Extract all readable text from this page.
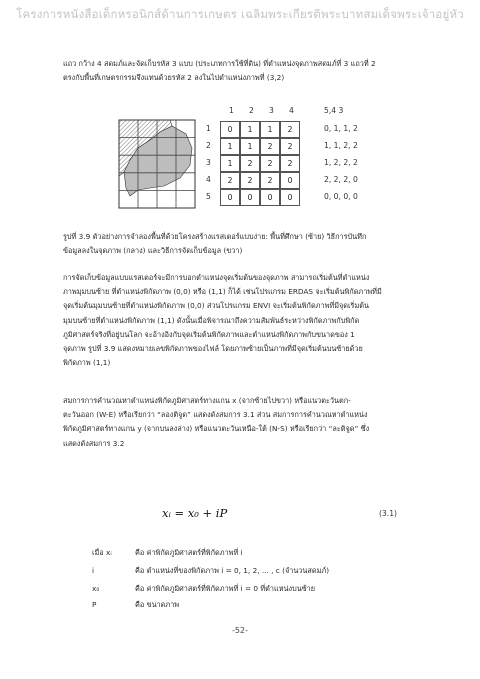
โครงการหนังสือเด็กหรอนิกส์ด้านการเกษตร เฉลิมพระเกียรติพระบาทสมเด็จพระเจ้าอยู่หัว
แถว กว้าง 4 สดมภ์และจัดเก็บรหัส 3 แบบ (ประเภทการใช้ที่ดิน) ที่ตำแหน่งจุดภาพสดมภ์ที่ 3 แถวที่ 2
ตรงกับพื้นที่เกษตรกรรมจึงแทนด้วยรหัส 2 ลงในไปตำแหน่งภาพที่ (3,2)
1 2 3 4
1
2
3
4
5
0	1	1	2
1	1	2	2
1	2	2	2
2	2	2	0
0	0	0	0
5,4 3
0, 1, 1, 2
1, 1, 2, 2
1, 2, 2, 2
2, 2, 2, 0
0, 0, 0, 0
รูปที่ 3.9 ตัวอย่างการจำลองพื้นที่ด้วยโครงสร้างแรสเตอร์แบบง่าย: พื้นที่ศึกษา (ซ้าย) วิธีการบันทึก
ข้อมูลลงในจุดภาพ (กลาง) และวิธีการจัดเก็บข้อมูล (ขวา)
การจัดเก็บข้อมูลแบบแรสเตอร์จะมีการบอกตำแหน่งจุดเริ่มต้นของจุดภาพ สามารถเริ่มต้นที่ตำแหน่ง
ภาพมุมบนซ้าย ที่ตำแหน่งพิกัดภาพ (0,0) หรือ (1,1) ก็ได้ เช่นโปรแกรม ERDAS จะเริ่มต้นพิกัดภาพที่มี
จุดเริ่มต้นมุมบนซ้ายที่ตำแหน่งพิกัดภาพ (0,0) ส่วนโปรแกรม ENVI จะเริ่มต้นพิกัดภาพที่มีจุดเริ่มต้น
มุมบนซ้ายที่ตำแหน่งพิกัดภาพ (1,1) ดังนั้นเมื่อพิจารณาถึงความสัมพันธ์ระหว่างพิกัดภาพกับพิกัด
ภูมิศาสตร์จริงที่อยู่บนโลก จะอ้างอิงกับจุดเริ่มต้นพิกัดภาพและตำแหน่งพิกัดภาพกับขนาดของ 1
จุดภาพ รูปที่ 3.9 แสดงหมายเลขพิกัดภาพของไฟล์ โดยภาพซ้ายเป็นภาพที่มีจุดเริ่มต้นบนซ้ายด้วย
พิกัดภาพ (1,1)
สมการการคำนวณหาตำแหน่งพิกัดภูมิศาสตร์ทางแกน x (จากซ้ายไปขวา) หรือแนวตะวันตก-
ตะวันออก (W-E) หรือเรียกว่า “ลองติจูด” แสดงดังสมการ 3.1 ส่วน สมการการคำนวณหาตำแหน่ง
พิกัดภูมิศาสตร์ทางแกน y (จากบนลงล่าง) หรือแนวตะวันเหนือ-ใต้ (N-S) หรือเรียกว่า “ละติจูด” ซึ่ง
แสดงดังสมการ 3.2
xᵢ = x₀ + iP	(3.1)
เมื่อ xᵢ	คือ ค่าพิกัดภูมิศาสตร์ที่พิกัดภาพที่ i
i	คือ ตำแหน่งที่ของพิกัดภาพ i = 0, 1, 2, ... , c (จำนวนสดมภ์)
x₀	คือ ค่าพิกัดภูมิศาสตร์ที่พิกัดภาพที่ i = 0 ที่ตำแหน่งบนซ้าย
P	คือ ขนาดภาพ
-52-
